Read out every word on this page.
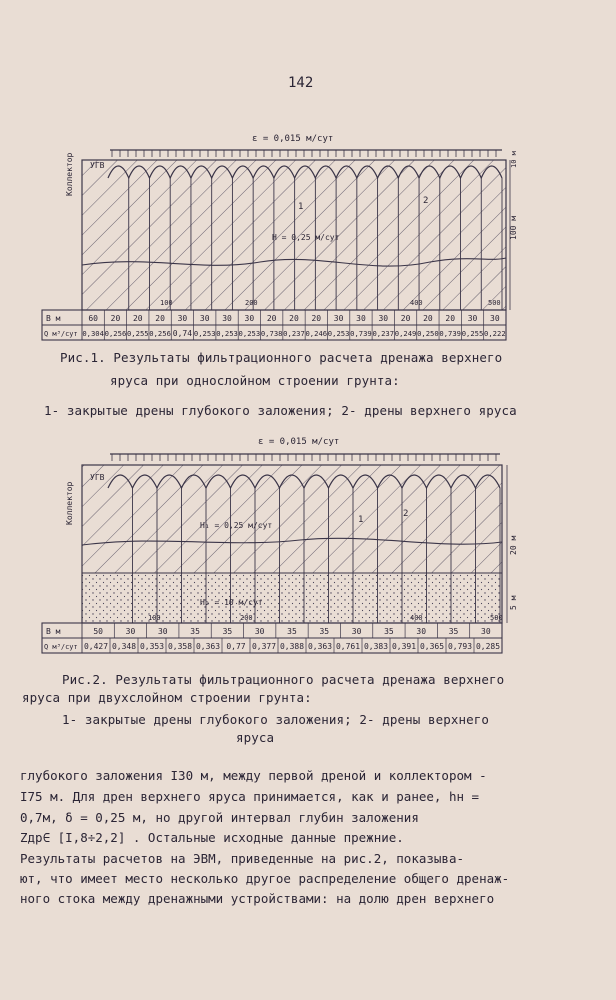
142
ε = 0,015 м/сут
Коллектор УГВ
H = 0,25 м/сут
1
2
100 м
10 м
100	200	400	500
B м
Q м³/сут
60 20 20 20 30 30 30 30 20 20 20 30 30 30 20 20 20 30 30
0,304 0,256 0,255 0,256 0,74 0,253 0,253 0,253 0,738 0,237 0,246 0,253 0,739 0,237 0,249 0,250 0,739 0,255 0,222
Рис.1. Результаты фильтрационного расчета дренажа верхнего
яруса при однослойном строении грунта:
1- закрытые дрены глубокого заложения; 2- дрены верхнего яруса
ε = 0,015 м/сут
Коллектор
УГВ
H₁ = 0,25 м/сут
H₂ = 10 м/сут
1
2
20 м
5 м
100	200	400	500
B м
Q м³/сут
50	30	30	35	35	30	35	35	30	35	30	35	30
0,427 0,348 0,353 0,358 0,363 0,77 0,377 0,388 0,363 0,761 0,383 0,391 0,365 0,793 0,285
Рис.2. Результаты фильтрационного расчета дренажа верхнего
яруса при двухслойном строении грунта:
1- закрытые дрены глубокого заложения; 2- дрены верхнего
яруса
глубокого заложения I30 м, между первой дреной и коллектором -
I75 м. Для дрен верхнего яруса принимается, как и ранее, hн =
0,7м, δ = 0,25 м, но другой интервал глубин заложения
Zдр∈ [I,8÷2,2] . Остальные исходные данные прежние.
Результаты расчетов на ЭВМ, приведенные на рис.2, показыва-
ют, что имеет место несколько другое распределение общего дренаж-
ного стока между дренажными устройствами: на долю дрен верхнего
